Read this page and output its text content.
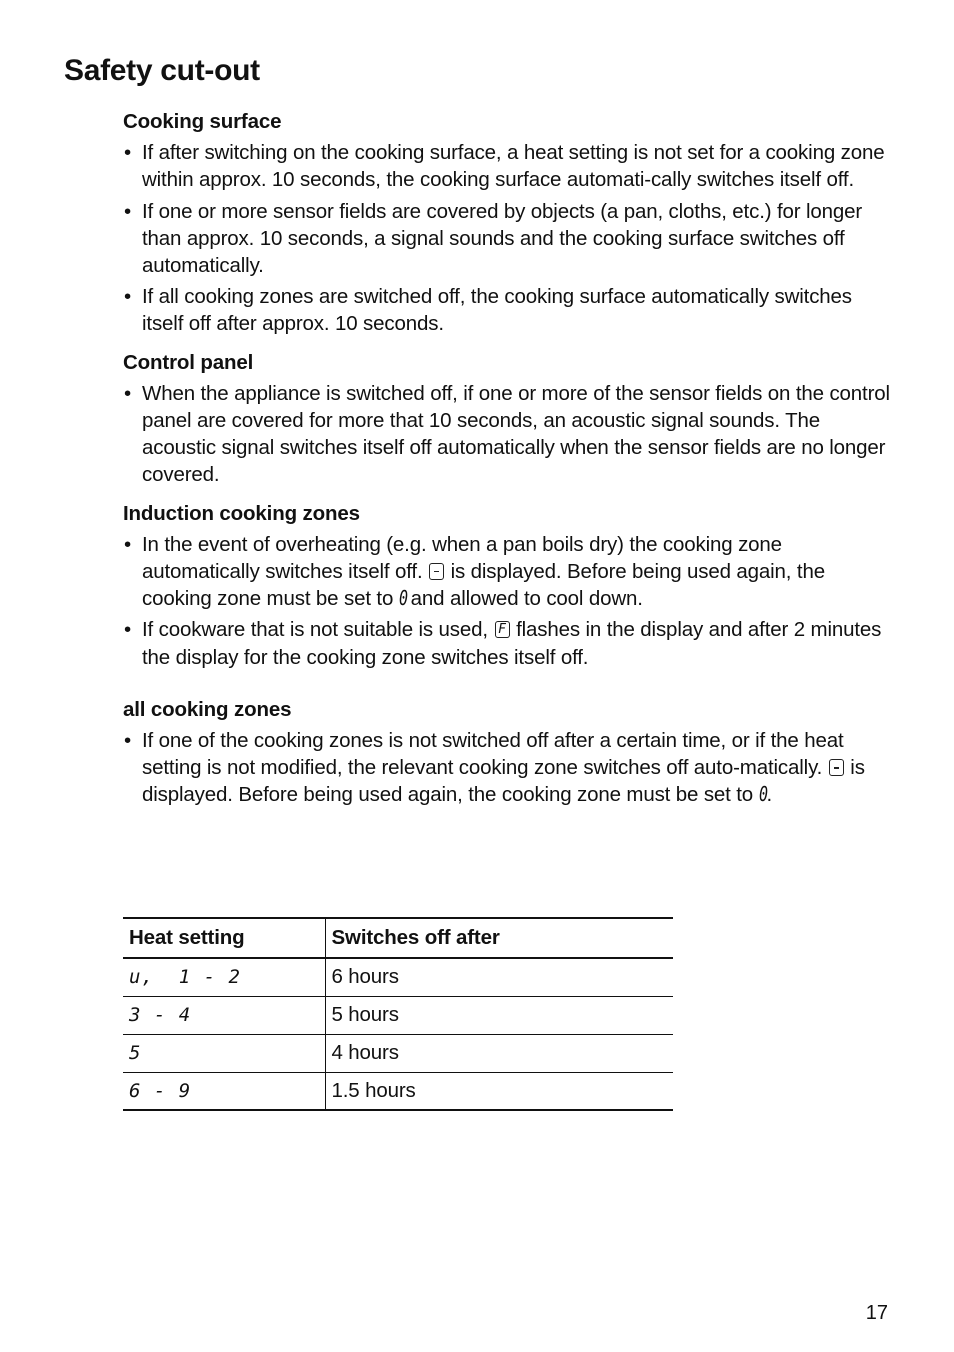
Safety cut-out
Cooking surface
• If after switching on the cooking surface, a heat setting is not set for a cooking zone within approx. 10 seconds, the cooking surface automati-cally switches itself off.
• If one or more sensor fields are covered by objects (a pan, cloths, etc.) for longer than approx. 10 seconds, a signal sounds and the cooking surface switches off automatically.
• If all cooking zones are switched off, the cooking surface automatically switches itself off after approx. 10 seconds.
Control panel
• When the appliance is switched off, if one or more of the sensor fields on the control panel are covered for more that 10 seconds, an acoustic signal sounds. The acoustic signal switches itself off automatically when the sensor fields are no longer covered.
Induction cooking zones
• In the event of overheating (e.g. when a pan boils dry) the cooking zone automatically switches itself off. is displayed. Before being used again, the cooking zone must be set to 0 and allowed to cool down.
• If cookware that is not suitable is used, F flashes in the display and after 2 minutes the display for the cooking zone switches itself off.
all cooking zones
• If one of the cooking zones is not switched off after a certain time, or if the heat setting is not modified, the relevant cooking zone switches off auto-matically. is displayed. Before being used again, the cooking zone must be set to 0.
Heat setting	Switches off after
u,  1 - 2	6 hours
3 - 4	5 hours
5	4 hours
6 - 9	1.5 hours
17
